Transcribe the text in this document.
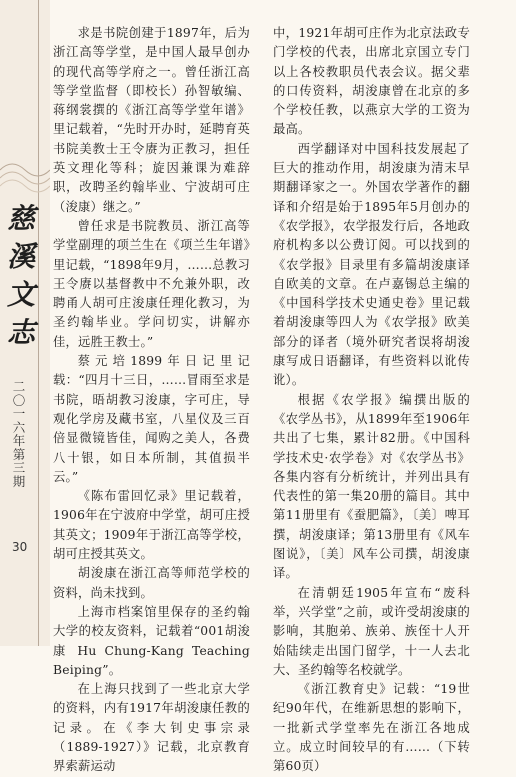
慈溪文志
二〇一六年第三期
30

求是书院创建于1897年，后为浙江高等学堂，是中国人最早创办的现代高等学府之一。曾任浙江高等学堂监督（即校长）孙智敏编、蒋纲裳撰的《浙江高等学堂年谱》里记载着，“先时开办时，延聘育英书院美教士王令赓为正教习，担任英文理化等科；旋因兼课为难辞职，改聘圣约翰毕业、宁波胡可庄（浚康）继之。”

曾任求是书院教员、浙江高等学堂副理的项兰生在《项兰生年谱》里记载，“1898年9月，……总教习王令赓以基督教中不允兼外职，改聘甬人胡可庄浚康任理化教习，为圣约翰毕业。学问切实，讲解亦佳，远胜王教士。”

蔡元培1899年日记里记载：“四月十三日，……冒雨至求是书院，晤胡教习浚康，字可庄，导观化学房及藏书室，八星仪及三百倍显微镜皆佳，闻购之美人，各费八十银，如日本所制，其值损半云。”

《陈布雷回忆录》里记载着，1906年在宁波府中学堂，胡可庄授其英文；1909年于浙江高等学校，胡可庄授其英文。

胡浚康在浙江高等师范学校的资料，尚未找到。

上海市档案馆里保存的圣约翰大学的校友资料，记载着“001胡浚康 Hu Chung-Kang Teaching Beiping”。

在上海只找到了一些北京大学的资料，内有1917年胡浚康任教的记录。在《李大钊史事宗录（1889-1927）》记载，北京教育界索薪运动

中，1921年胡可庄作为北京法政专门学校的代表，出席北京国立专门以上各校教职员代表会议。据父辈的口传资料，胡浚康曾在北京的多个学校任教，以燕京大学的工资为最高。

西学翻译对中国科技发展起了巨大的推动作用，胡浚康为清末早期翻译家之一。外国农学著作的翻译和介绍是始于1895年5月创办的《农学报》，农学报发行后，各地政府机构多以公费订阅。可以找到的《农学报》目录里有多篇胡浚康译自欧美的文章。在卢嘉锡总主编的《中国科学技术史通史卷》里记载着胡浚康等四人为《农学报》欧美部分的译者（境外研究者误将胡浚康写成日语翻译，有些资料以讹传讹）。

根据《农学报》编撰出版的《农学丛书》，从1899年至1906年共出了七集，累计82册。《中国科学技术史·农学卷》对《农学丛书》各集内容有分析统计，并列出具有代表性的第一集20册的篇目。其中第11册里有《蚕肥篇》，〔美〕啤耳撰，胡浚康译；第13册里有《风车图说》，〔美〕风车公司撰，胡浚康译。

在清朝廷1905年宣布“废科举，兴学堂”之前，或许受胡浚康的影响，其胞弟、族弟、族侄十人开始陆续走出国门留学，十一人去北大、圣约翰等名校就学。

《浙江教育史》记载：“19世纪90年代，在维新思想的影响下，一批新式学堂率先在浙江各地成立。成立时间较早的有……（下转第60页）
